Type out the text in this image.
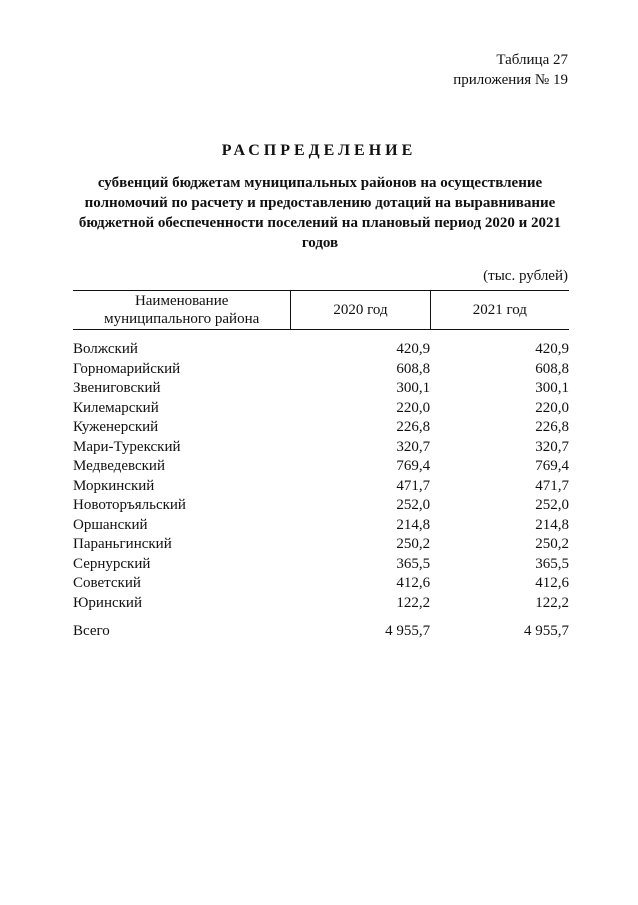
Таблица 27
приложения № 19
РАСПРЕДЕЛЕНИЕ
субвенций бюджетам муниципальных районов на осуществление полномочий по расчету и предоставлению дотаций на выравнивание бюджетной обеспеченности поселений на плановый период 2020 и 2021 годов
(тыс. рублей)
Наименование
муниципального района	2020 год	2021 год
Волжский	420,9	420,9
Горномарийский	608,8	608,8
Звениговский	300,1	300,1
Килемарский	220,0	220,0
Куженерский	226,8	226,8
Мари-Турекский	320,7	320,7
Медведевский	769,4	769,4
Моркинский	471,7	471,7
Новоторъяльский	252,0	252,0
Оршанский	214,8	214,8
Параньгинский	250,2	250,2
Сернурский	365,5	365,5
Советский	412,6	412,6
Юринский	122,2	122,2
Всего	4 955,7	4 955,7
